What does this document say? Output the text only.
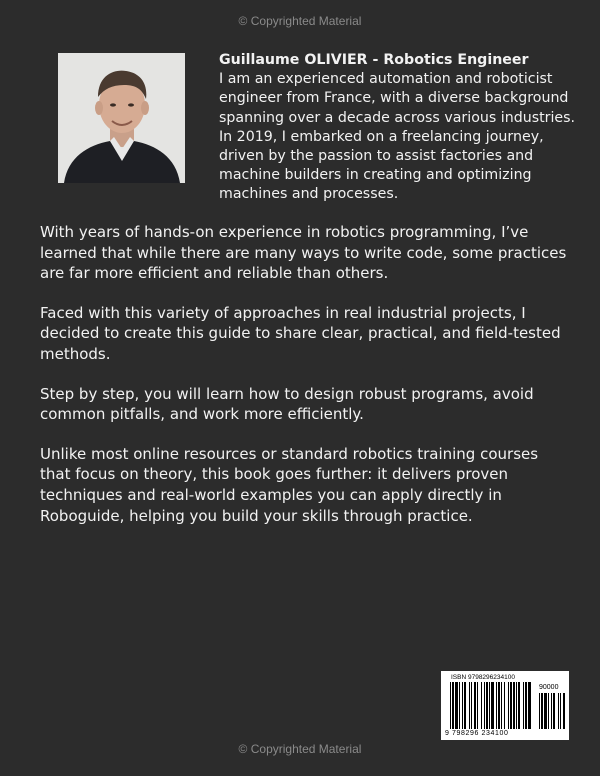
© Copyrighted Material
Guillaume OLIVIER - Robotics Engineer
I am an experienced automation and roboticist engineer from France, with a diverse background spanning over a decade across various industries. In 2019, I embarked on a freelancing journey, driven by the passion to assist factories and machine builders in creating and optimizing machines and processes.

With years of hands-on experience in robotics programming, I’ve learned that while there are many ways to write code, some practices are far more efficient and reliable than others.

Faced with this variety of approaches in real industrial projects, I decided to create this guide to share clear, practical, and field-tested methods.

Step by step, you will learn how to design robust programs, avoid common pitfalls, and work more efficiently.

Unlike most online resources or standard robotics training courses that focus on theory, this book goes further: it delivers proven techniques and real-world examples you can apply directly in Roboguide, helping you build your skills through practice.

ISBN 9798296234100
90000
9 798296 234100
© Copyrighted Material
